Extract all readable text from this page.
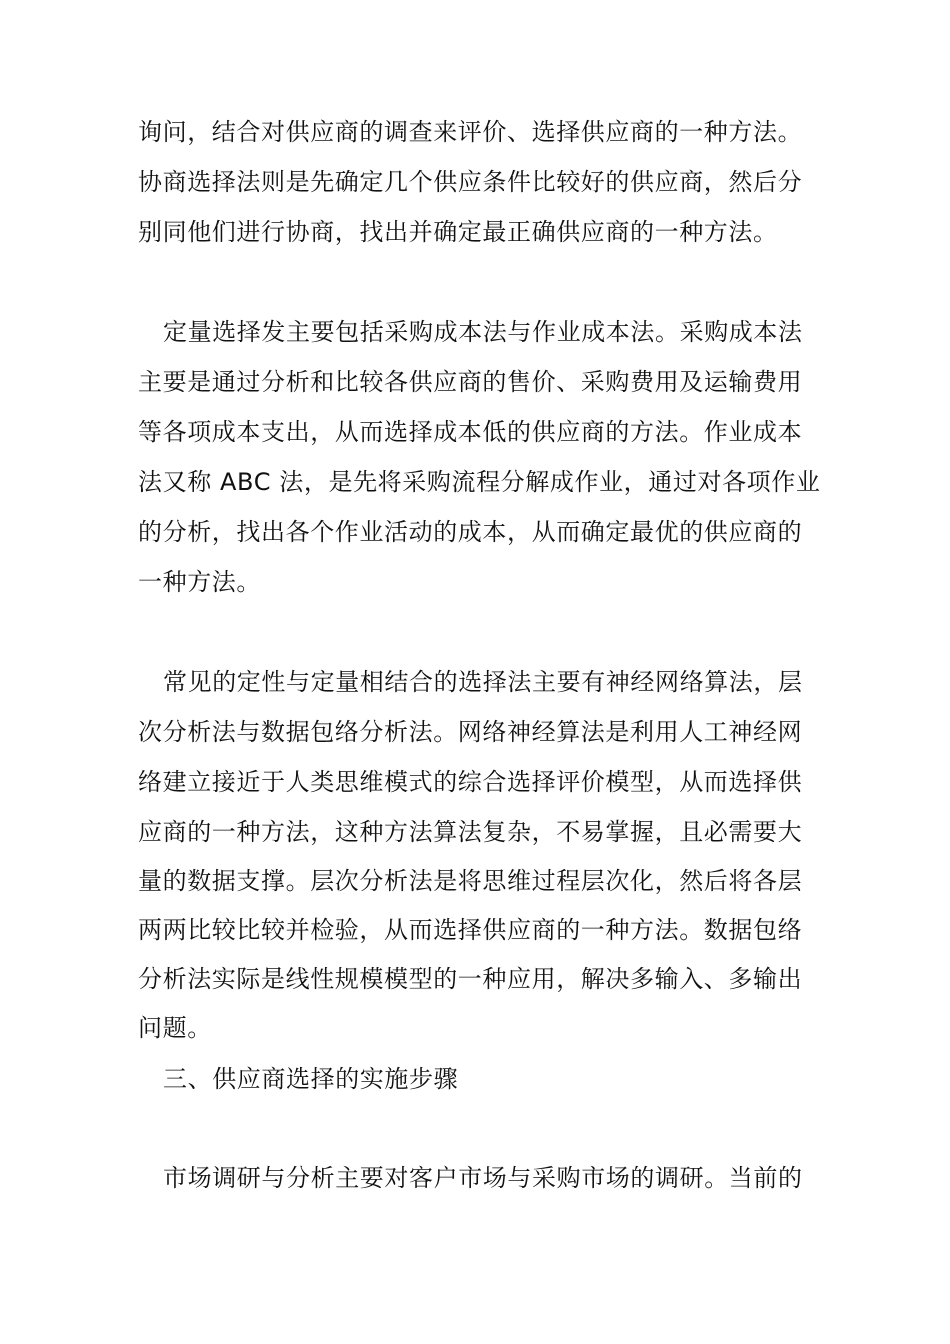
询问，结合对供应商的调查来评价、选择供应商的一种方法。

协商选择法则是先确定几个供应条件比较好的供应商，然后分

别同他们进行协商，找出并确定最正确供应商的一种方法。

定量选择发主要包括采购成本法与作业成本法。采购成本法

主要是通过分析和比较各供应商的售价、采购费用及运输费用

等各项成本支出，从而选择成本低的供应商的方法。作业成本

法又称 ABC 法，是先将采购流程分解成作业，通过对各项作业

的分析，找出各个作业活动的成本，从而确定最优的供应商的

一种方法。

常见的定性与定量相结合的选择法主要有神经网络算法，层

次分析法与数据包络分析法。网络神经算法是利用人工神经网

络建立接近于人类思维模式的综合选择评价模型，从而选择供

应商的一种方法，这种方法算法复杂，不易掌握，且必需要大

量的数据支撑。层次分析法是将思维过程层次化，然后将各层

两两比较比较并检验，从而选择供应商的一种方法。数据包络

分析法实际是线性规模模型的一种应用，解决多输入、多输出

问题。

三、供应商选择的实施步骤

市场调研与分析主要对客户市场与采购市场的调研。当前的
